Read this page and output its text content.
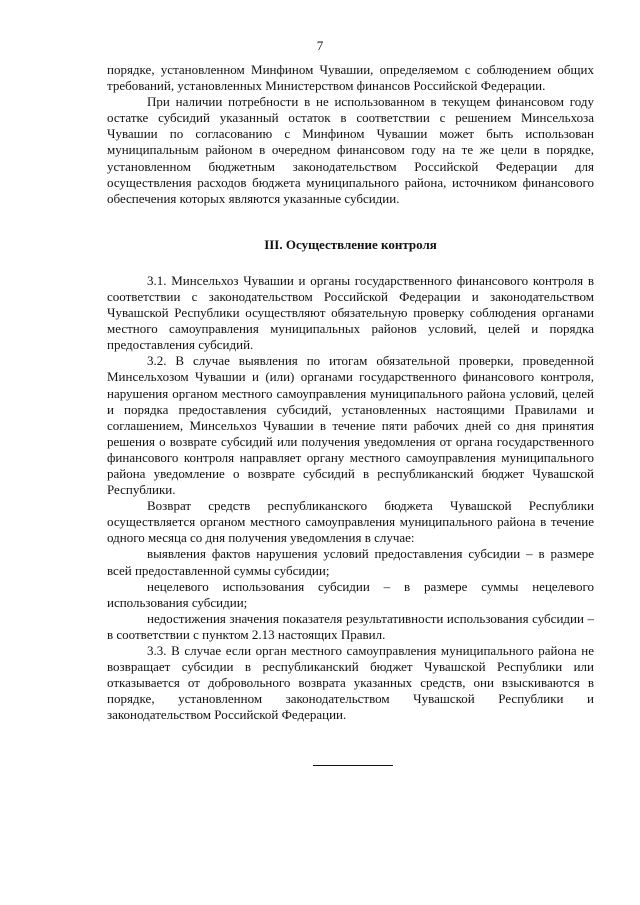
7

порядке, установленном Минфином Чувашии, определяемом с соблюдением общих требований, установленных Министерством финансов Российской Федерации.

При наличии потребности в не использованном в текущем финансовом году остатке субсидий указанный остаток в соответствии с решением Минсельхоза Чувашии по согласованию с Минфином Чувашии может быть использован муниципальным районом в очередном финансовом году на те же цели в порядке, установленном бюджетным законодательством Российской Федерации для осуществления расходов бюджета муниципального района, источником финансового обеспечения которых являются указанные субсидии.

III. Осуществление контроля

3.1. Минсельхоз Чувашии и органы государственного финансового контроля в соответствии с законодательством Российской Федерации и законодательством Чувашской Республики осуществляют обязательную проверку соблюдения органами местного самоуправления муниципальных районов условий, целей и порядка предоставления субсидий.

3.2. В случае выявления по итогам обязательной проверки, проведенной Минсельхозом Чувашии и (или) органами государственного финансового контроля, нарушения органом местного самоуправления муниципального района условий, целей и порядка предоставления субсидий, установленных настоящими Правилами и соглашением, Минсельхоз Чувашии в течение пяти рабочих дней со дня принятия решения о возврате субсидий или получения уведомления от органа государственного финансового контроля направляет органу местного самоуправления муниципального района уведомление о возврате субсидий в республиканский бюджет Чувашской Республики.

Возврат средств республиканского бюджета Чувашской Республики осуществляется органом местного самоуправления муниципального района в течение одного месяца со дня получения уведомления в случае:

выявления фактов нарушения условий предоставления субсидии – в размере всей предоставленной суммы субсидии;

нецелевого использования субсидии – в размере суммы нецелевого использования субсидии;

недостижения значения показателя результативности использования субсидии – в соответствии с пунктом 2.13 настоящих Правил.

3.3. В случае если орган местного самоуправления муниципального района не возвращает субсидии в республиканский бюджет Чувашской Республики или отказывается от добровольного возврата указанных средств, они взыскиваются в порядке, установленном законодательством Чувашской Республики и законодательством Российской Федерации.
